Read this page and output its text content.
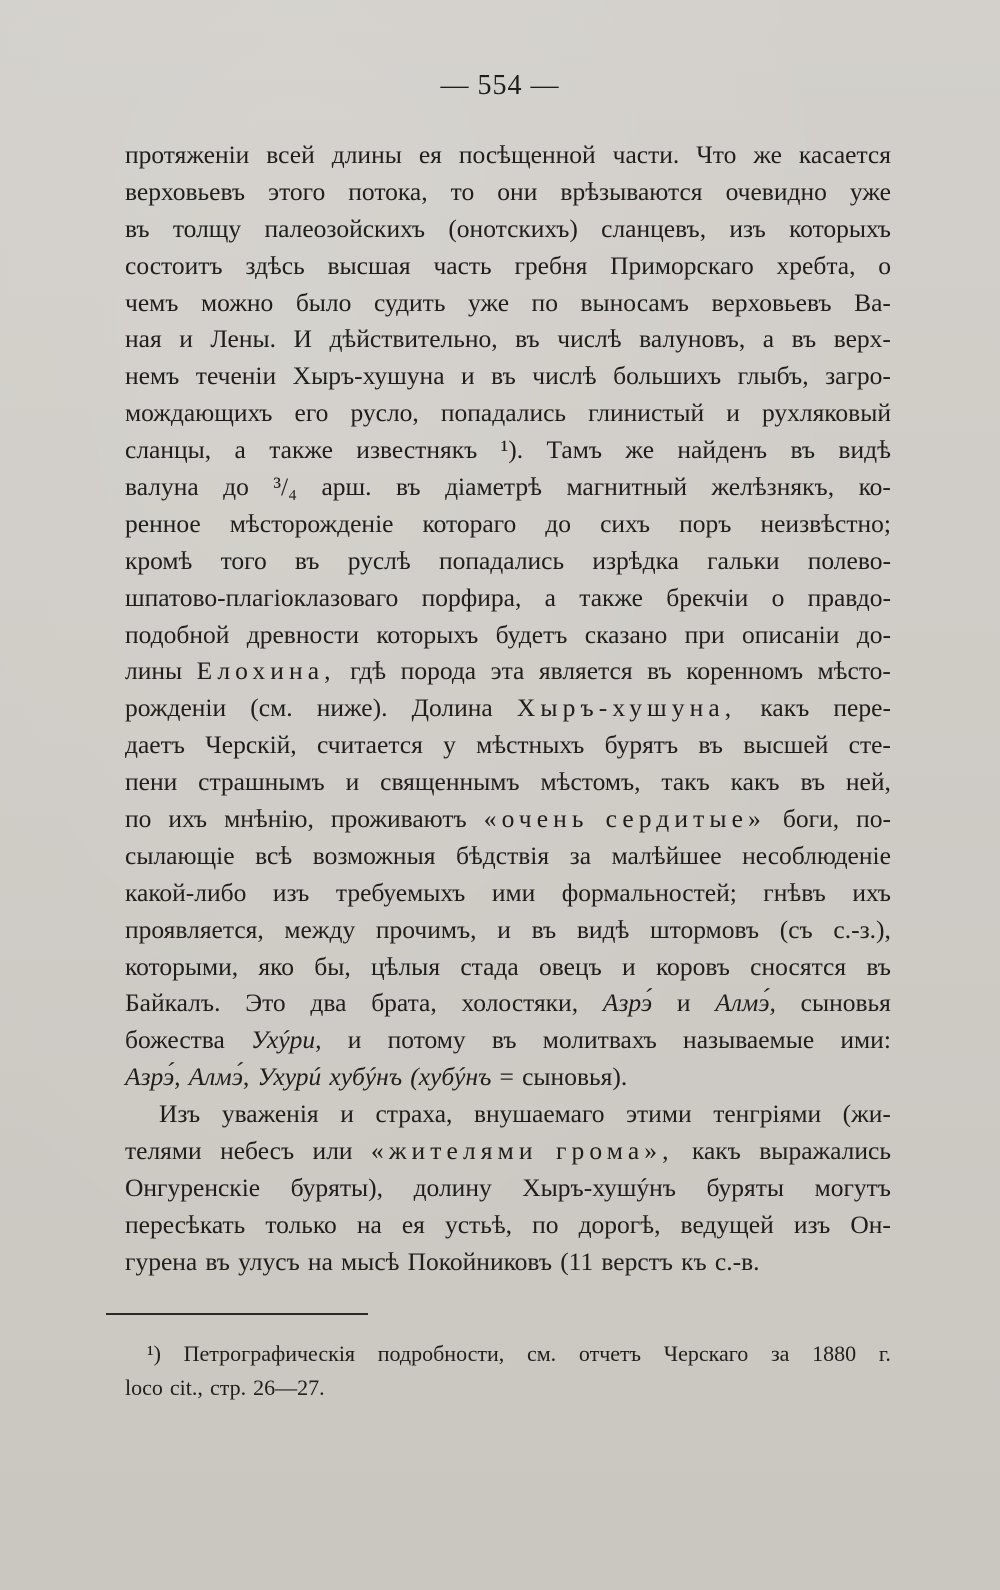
— 554 —
протяженіи всей длины ея посѣщенной части. Что же касается
верховьевъ этого потока, то они врѣзываются очевидно уже
въ толщу палеозойскихъ (онотскихъ) сланцевъ, изъ которыхъ
состоитъ здѣсь высшая часть гребня Приморскаго хребта, о
чемъ можно было судить уже по выносамъ верховьевъ Ва-
ная и Лены. И дѣйствительно, въ числѣ валуновъ, а въ верх-
немъ теченіи Хыръ-хушуна и въ числѣ большихъ глыбъ, загро-
мождающихъ его русло, попадались глинистый и рухляковый
сланцы, а также известнякъ ¹). Тамъ же найденъ въ видѣ
валуна до ³/₄ арш. въ діаметрѣ магнитный желѣзнякъ, ко-
ренное мѣсторожденіе котораго до сихъ поръ неизвѣстно;
кромѣ того въ руслѣ попадались изрѣдка гальки полево-
шпатово-плагіоклазоваго порфира, а также брекчіи о правдо-
подобной древности которыхъ будетъ сказано при описаніи до-
лины Елохина, гдѣ порода эта является въ коренномъ мѣсто-
рожденіи (см. ниже). Долина Хыръ-хушуна, какъ пере-
даетъ Черскій, считается у мѣстныхъ бурятъ въ высшей сте-
пени страшнымъ и священнымъ мѣстомъ, такъ какъ въ ней,
по ихъ мнѣнію, проживаютъ «очень сердитые» боги, по-
сылающіе всѣ возможныя бѣдствія за малѣйшее несоблюденіе
какой-либо изъ требуемыхъ ими формальностей; гнѣвъ ихъ
проявляется, между прочимъ, и въ видѣ штормовъ (съ с.-з.),
которыми, яко бы, цѣлыя стада овецъ и коровъ сносятся въ
Байкалъ. Это два брата, холостяки, Азрэ́ и Алмэ́, сыновья
божества Ухýри, и потому въ молитвахъ называемые ими:
Азрэ́, Алмэ́, Ухурú хубýнъ (хубýнъ = сыновья).
Изъ уваженія и страха, внушаемаго этими тенгріями (жи-
телями небесъ или «жителями грома», какъ выражались
Онгуренскіе буряты), долину Хыръ-хушýнъ буряты могутъ
пересѣкать только на ея устьѣ, по дорогѣ, ведущей изъ Он-
гурена въ улусъ на мысѣ Покойниковъ (11 верстъ къ с.-в.
¹) Петрографическія подробности, см. отчетъ Черскаго за 1880 г.
loco cit., стр. 26—27.
